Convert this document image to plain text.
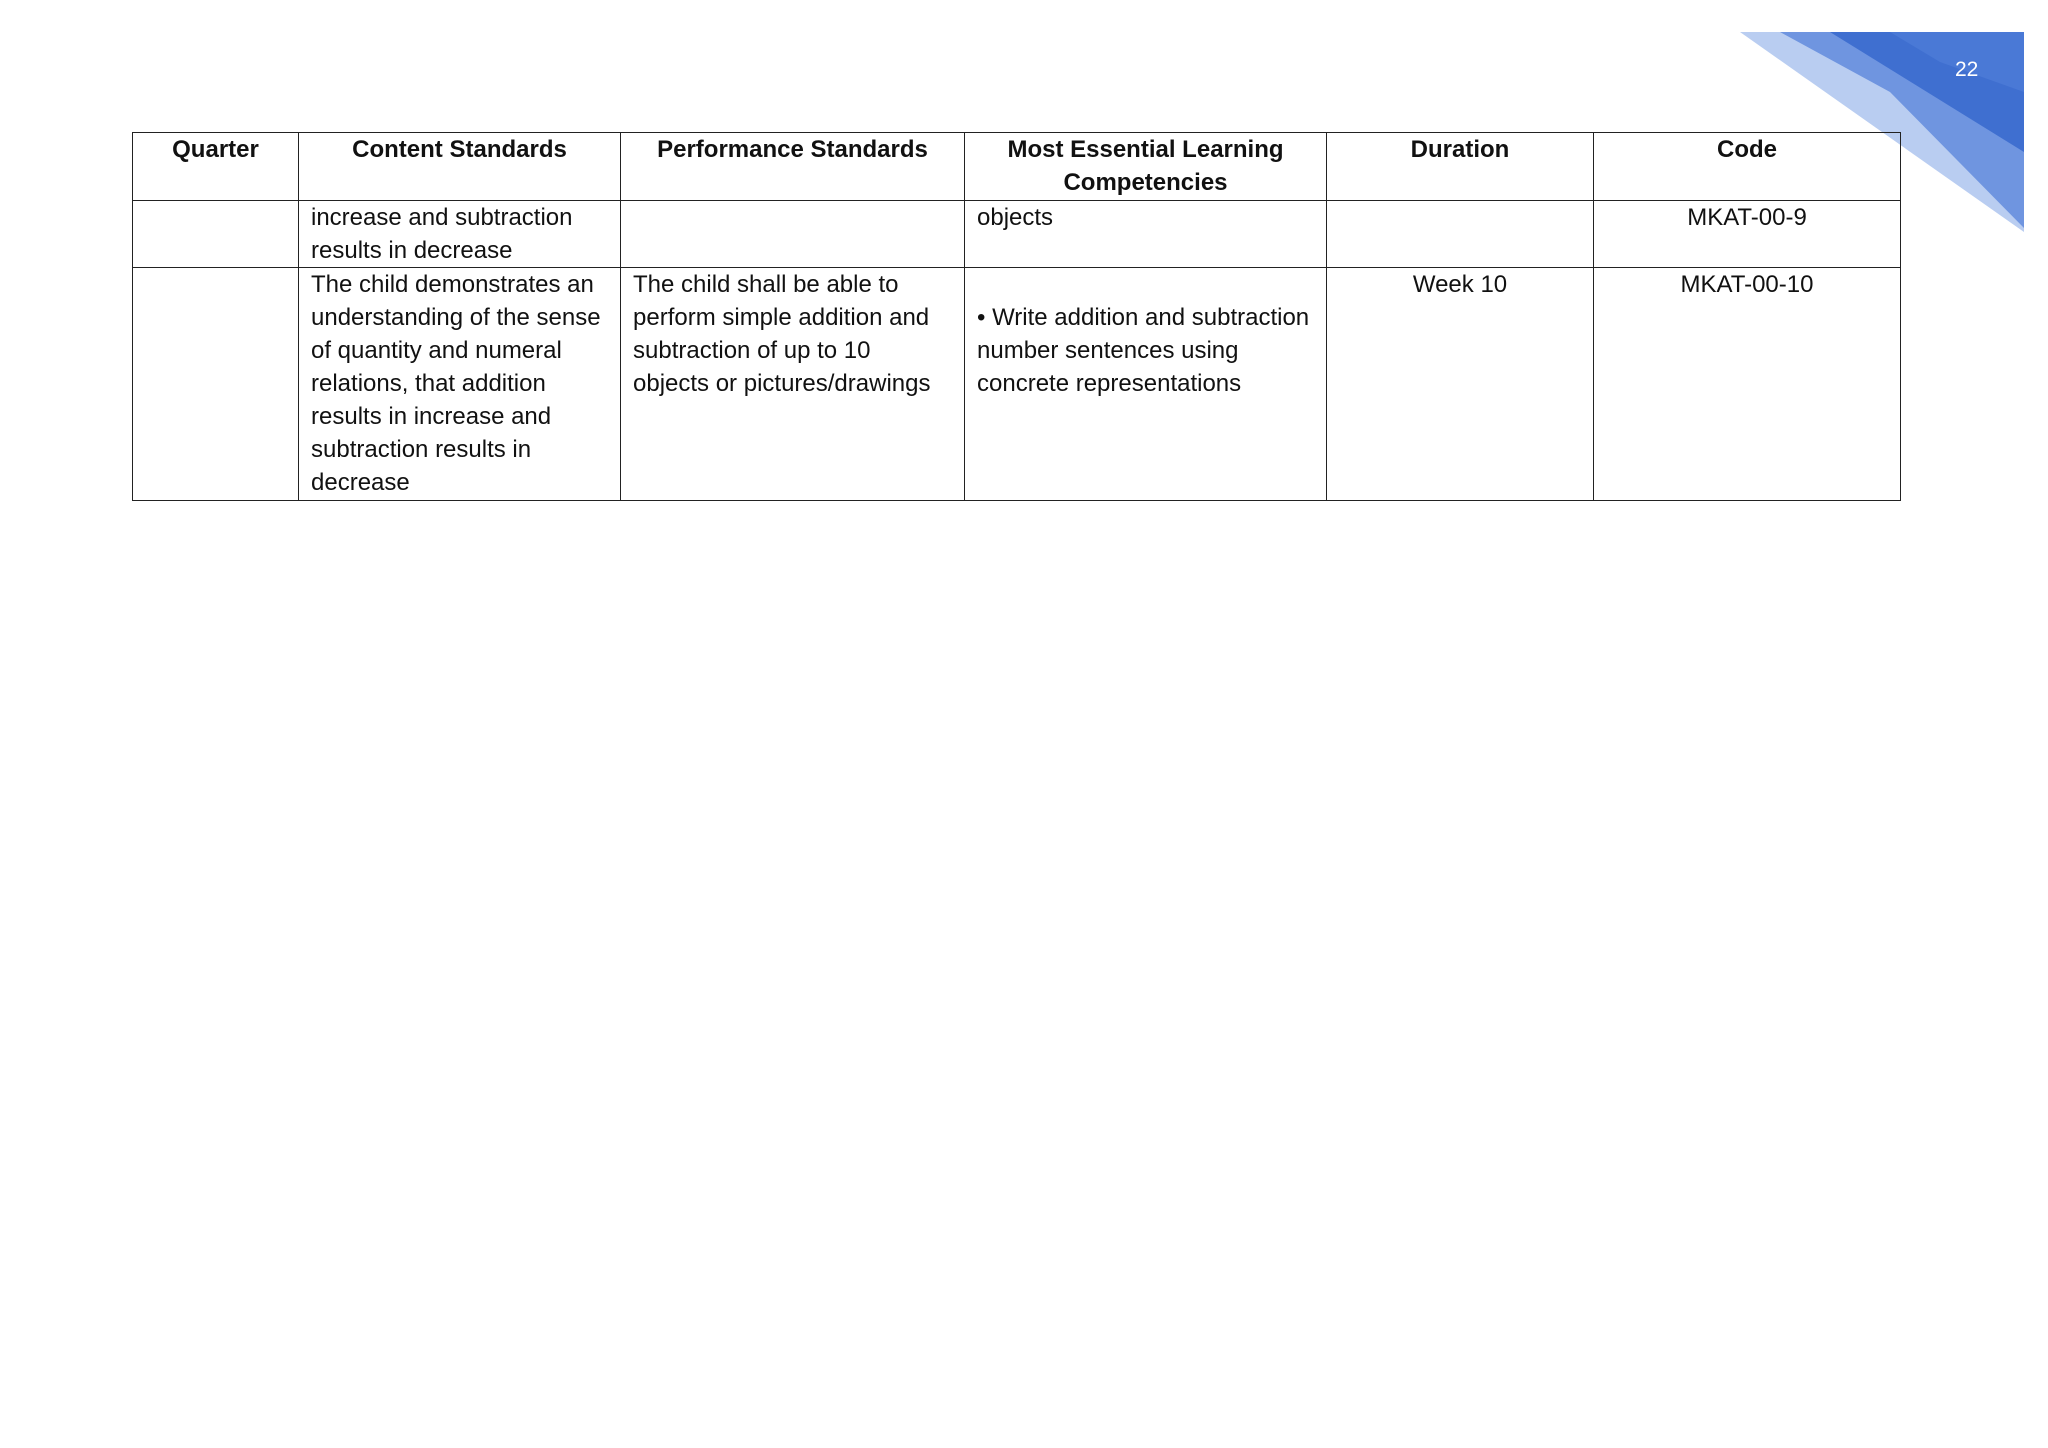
22
Quarter	Content Standards	Performance Standards	Most Essential Learning Competencies	Duration	Code
	increase and subtraction results in decrease		objects		MKAT-00-9
	The child demonstrates an understanding of the sense of quantity and numeral relations, that addition results in increase and subtraction results in decrease	The child shall be able to perform simple addition and subtraction of up to 10 objects or pictures/drawings	• Write addition and subtraction number sentences using concrete representations	Week 10	MKAT-00-10
